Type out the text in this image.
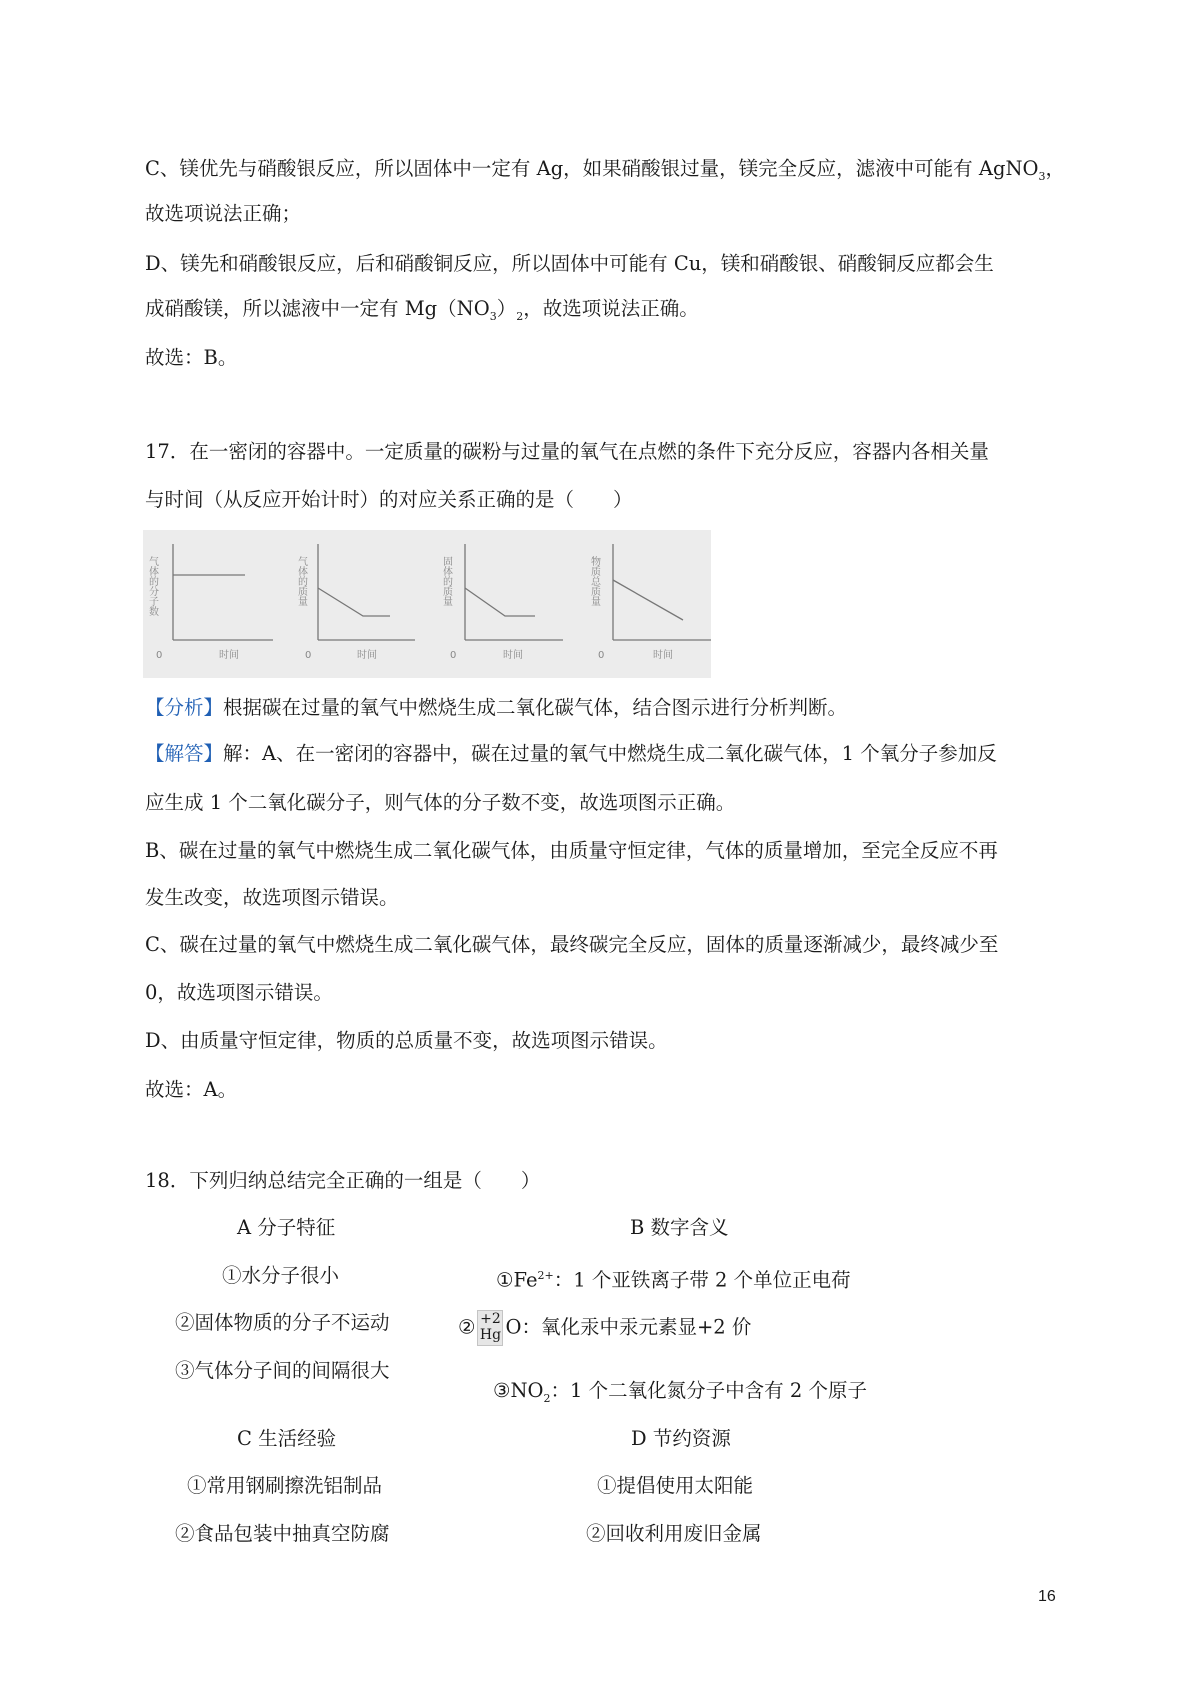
C、镁优先与硝酸银反应，所以固体中一定有 Ag，如果硝酸银过量，镁完全反应，滤液中可能有 AgNO$_3$，
故选项说法正确；
D、镁先和硝酸银反应，后和硝酸铜反应，所以固体中可能有 Cu，镁和硝酸银、硝酸铜反应都会生
成硝酸镁，所以滤液中一定有 $Mg(NO_3)_2$，故选项说法正确。
故选：B。
17．在一密闭的容器中。一定质量的碳粉与过量的氧气在点燃的条件下充分反应，容器内各相关量
与时间（从反应开始计时）的对应关系正确的是（　　）
气体的分子数
0	时间
气体的质量
0	时间
固体的质量
0	时间
物质总质量
0	时间
【分析】根据碳在过量的氧气中燃烧生成二氧化碳气体，结合图示进行分析判断。
【解答】解：A、在一密闭的容器中，碳在过量的氧气中燃烧生成二氧化碳气体，1 个氧分子参加反
应生成 1 个二氧化碳分子，则气体的分子数不变，故选项图示正确。
B、碳在过量的氧气中燃烧生成二氧化碳气体，由质量守恒定律，气体的质量增加，至完全反应不再
发生改变，故选项图示错误。
C、碳在过量的氧气中燃烧生成二氧化碳气体，最终碳完全反应，固体的质量逐渐减少，最终减少至
0，故选项图示错误。
D、由质量守恒定律，物质的总质量不变，故选项图示错误。
故选：A。
18．下列归纳总结完全正确的一组是（　　）
A 分子特征
①水分子很小
②固体物质的分子不运动
③气体分子间的间隔很大
B 数字含义
$①Fe^{2+}$：1 个亚铁离子带 2 个单位正电荷
② +2
Hg O：氧化汞中汞元素显+2 价
$③NO_2$：1 个二氧化氮分子中含有 2 个原子
C 生活经验
①常用钢刷擦洗铝制品
②食品包装中抽真空防腐
D 节约资源
①提倡使用太阳能
②回收利用废旧金属
16
